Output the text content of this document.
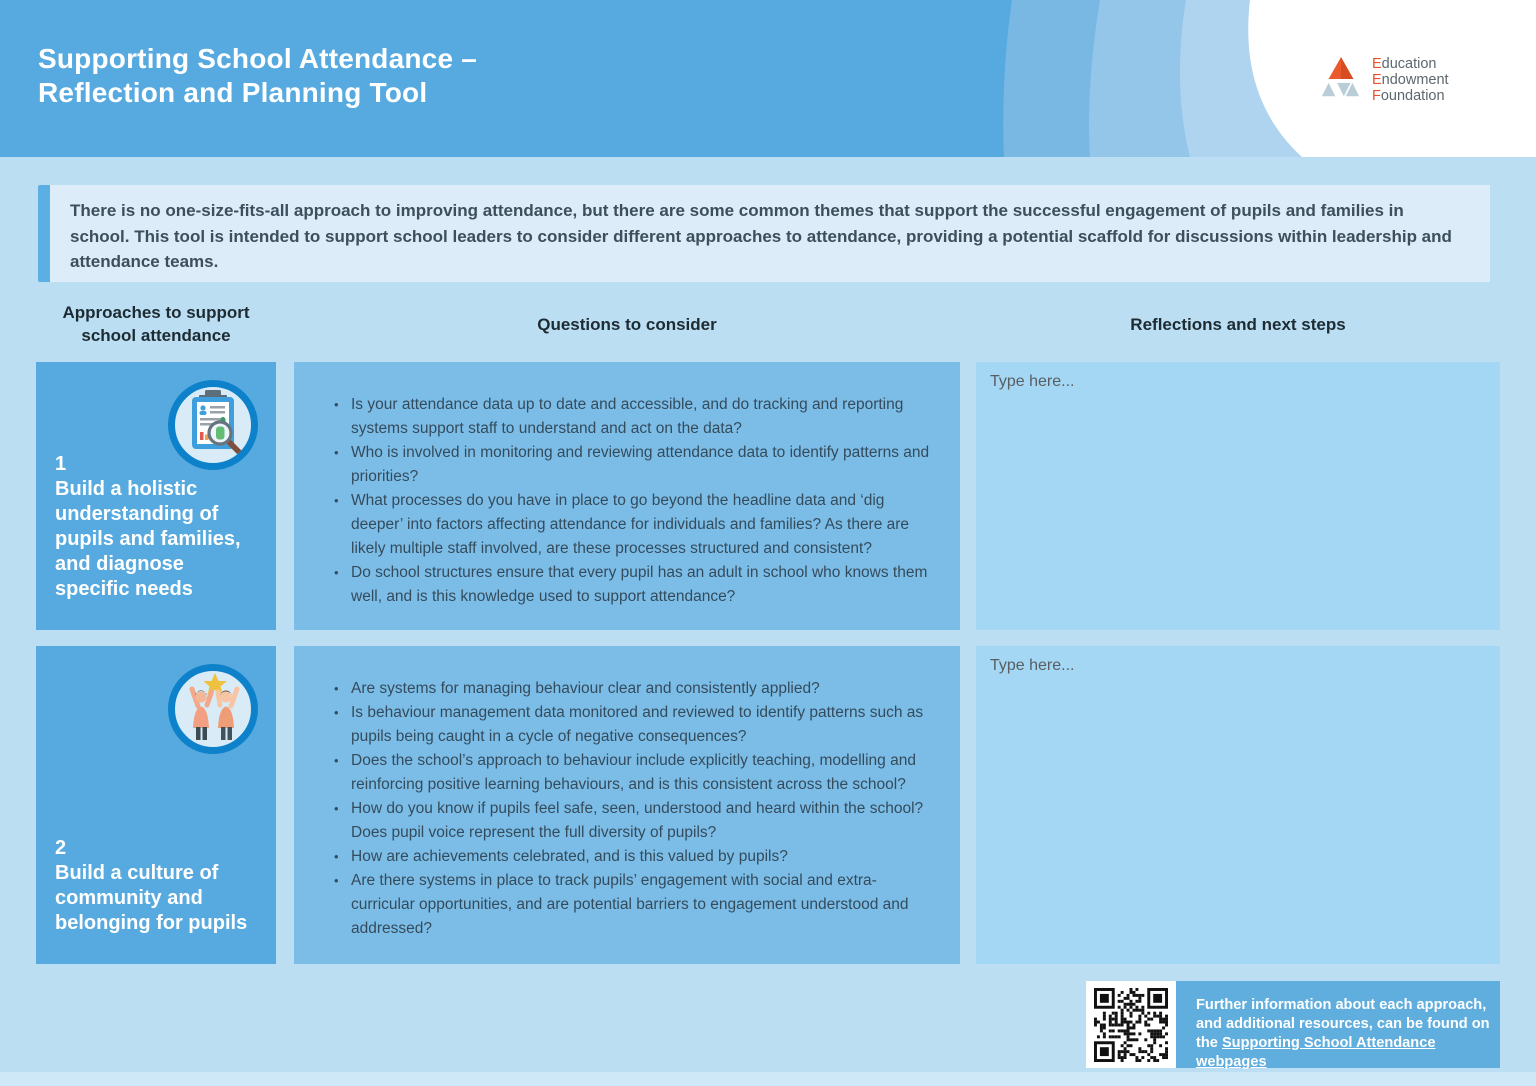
Supporting School Attendance –
Reflection and Planning Tool
Education
Endowment
Foundation

There is no one-size-fits-all approach to improving attendance, but there are some common themes that support the successful engagement of pupils and families in school. This tool is intended to support school leaders to consider different approaches to attendance, providing a potential scaffold for discussions within leadership and attendance teams.

Approaches to support
school attendance
Questions to consider	Reflections and next steps
1
Build a holistic understanding of pupils and families, and diagnose specific needs
• Is your attendance data up to date and accessible, and do tracking and reporting systems support staff to understand and act on the data?
• Who is involved in monitoring and reviewing attendance data to identify patterns and priorities?
• What processes do you have in place to go beyond the headline data and ‘dig deeper’ into factors affecting attendance for individuals and families? As there are likely multiple staff involved, are these processes structured and consistent?
• Do school structures ensure that every pupil has an adult in school who knows them well, and is this knowledge used to support attendance?
Type here...
2
Build a culture of community and belonging for pupils
• Are systems for managing behaviour clear and consistently applied?
• Is behaviour management data monitored and reviewed to identify patterns such as pupils being caught in a cycle of negative consequences?
• Does the school’s approach to behaviour include explicitly teaching, modelling and reinforcing positive learning behaviours, and is this consistent across the school?
• How do you know if pupils feel safe, seen, understood and heard within the school? Does pupil voice represent the full diversity of pupils?
• How are achievements celebrated, and is this valued by pupils?
• Are there systems in place to track pupils’ engagement with social and extra-curricular opportunities, and are potential barriers to engagement understood and addressed?
Type here...
Further information about each approach,
and additional resources, can be found on
the Supporting School Attendance webpages
